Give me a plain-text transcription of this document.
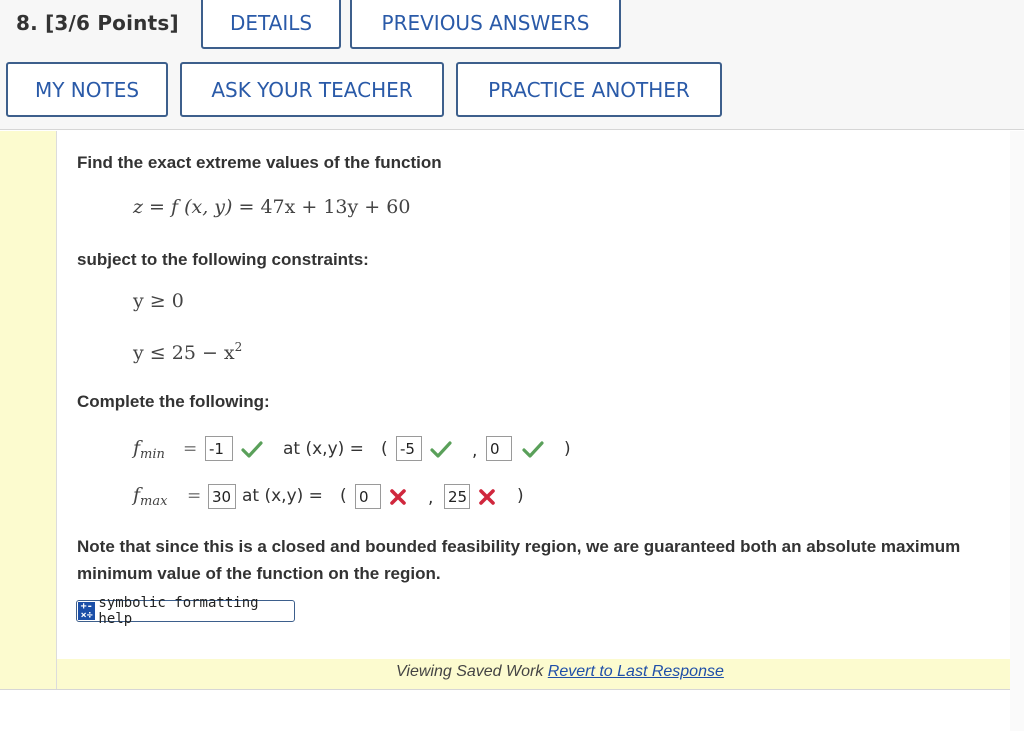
8. [3/6 Points]	DETAILS	PREVIOUS ANSWERS
MY NOTES	ASK YOUR TEACHER	PRACTICE ANOTHER
Find the exact extreme values of the function
z = f (x, y) = 47x + 13y + 60
subject to the following constraints:
y ≥ 0
$y \le 25 - x^2$
Complete the following:
$f_{min} = -1$	at (x,y) = ( -5	, 0	)
$f_{max} = 30$ at (x,y) = ( 0	, 25	)
Note that since this is a closed and bounded feasibility region, we are guaranteed both an absolute maximum
minimum value of the function on the region.
+-×÷
symbolic formatting help
Viewing Saved Work Revert to Last Response
